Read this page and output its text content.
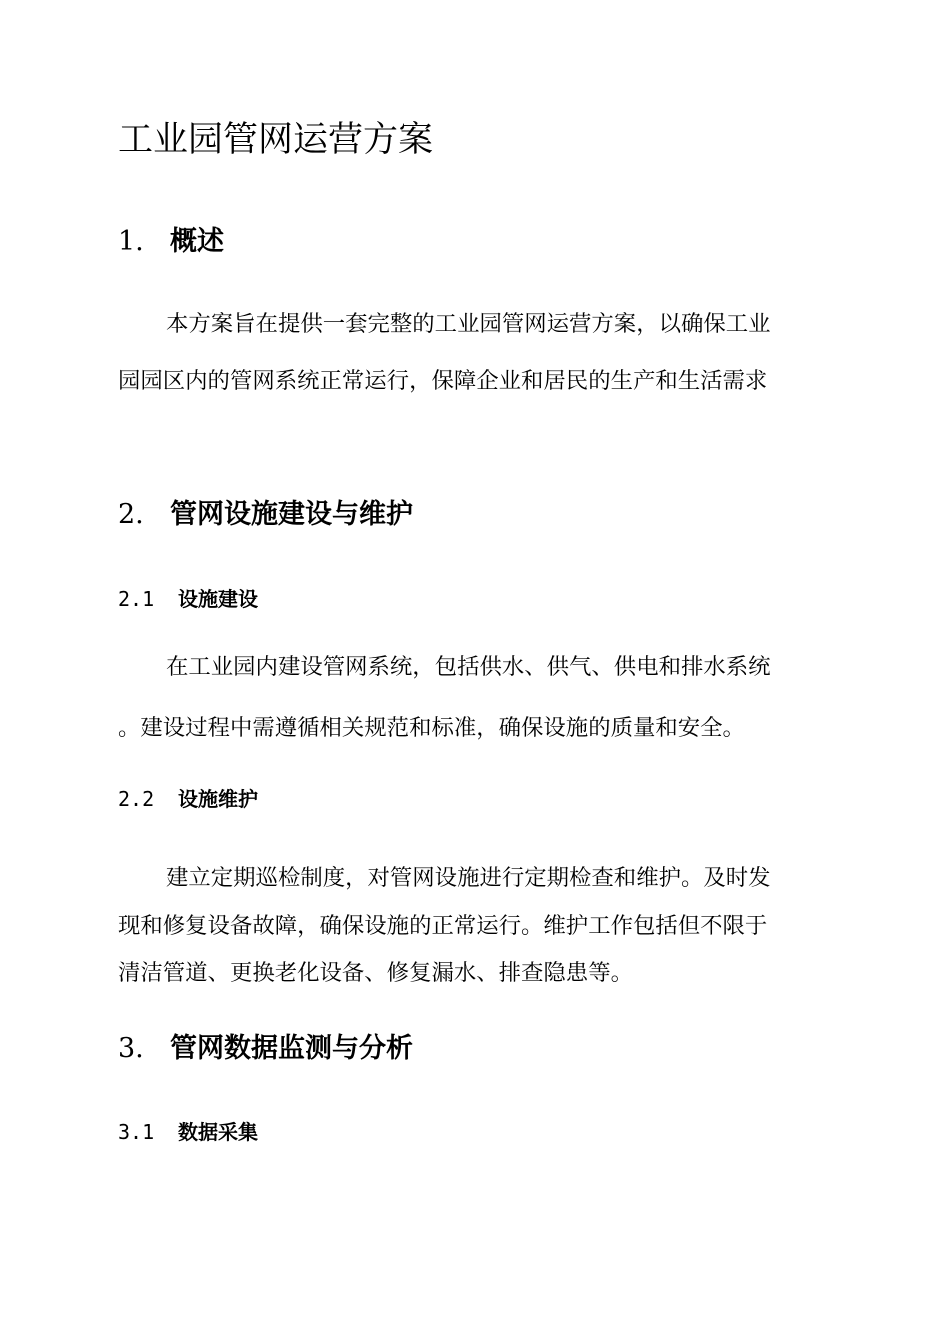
工业园管网运营方案
1. 概述
本方案旨在提供一套完整的工业园管网运营方案，以确保工业
园园区内的管网系统正常运行，保障企业和居民的生产和生活需求
2. 管网设施建设与维护
2.1 设施建设
在工业园内建设管网系统，包括供水、供气、供电和排水系统
。建设过程中需遵循相关规范和标准，确保设施的质量和安全。
2.2 设施维护
建立定期巡检制度，对管网设施进行定期检查和维护。及时发
现和修复设备故障，确保设施的正常运行。维护工作包括但不限于
清洁管道、更换老化设备、修复漏水、排查隐患等。
3. 管网数据监测与分析
3.1 数据采集
